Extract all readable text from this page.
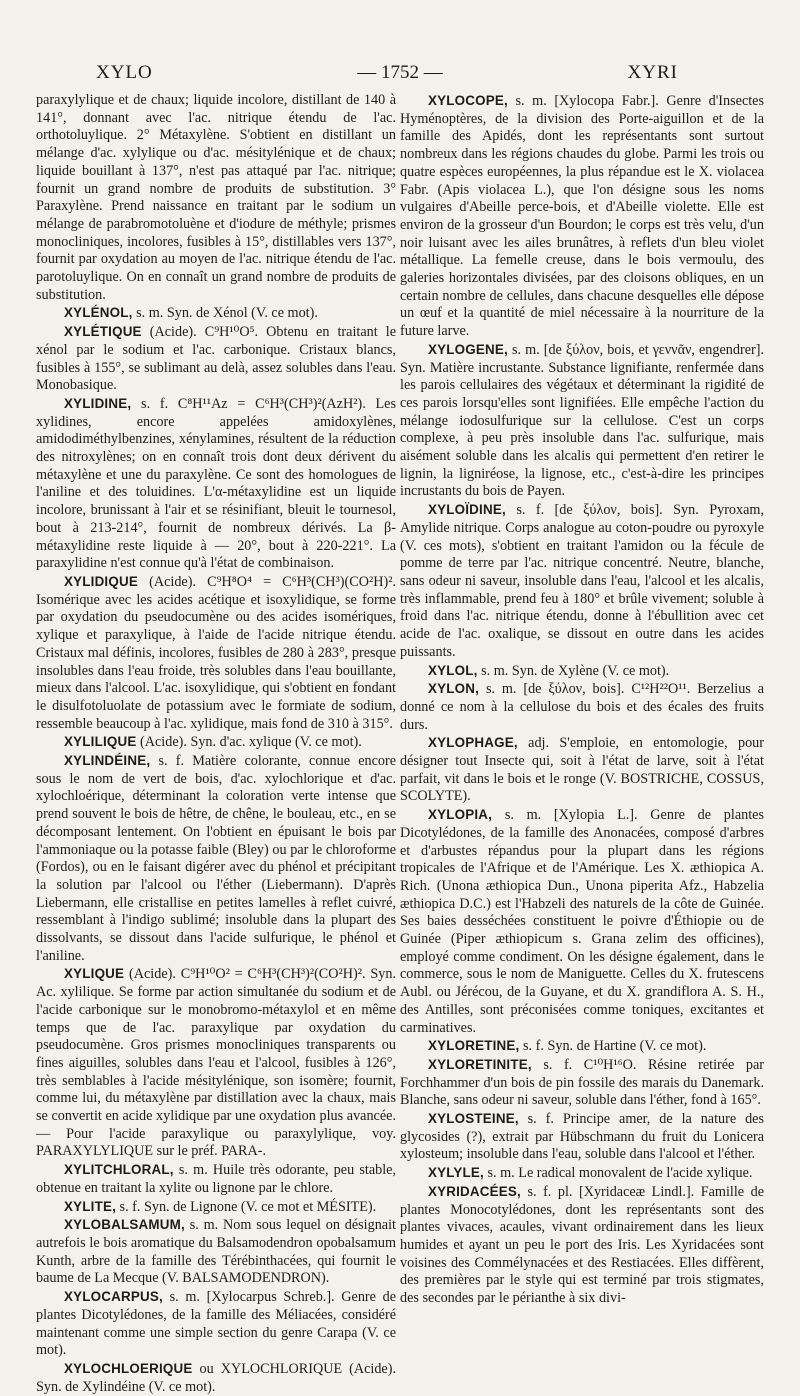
XYLO	— 1752 —	XYRI

paraxylylique et de chaux; liquide incolore, distillant de 140 à 141°, donnant avec l'ac. nitrique étendu de l'ac. orthotoluylique. 2° Métaxylène. S'obtient en distillant un mélange d'ac. xylylique ou d'ac. mésitylénique et de chaux; liquide bouillant à 137°, n'est pas attaqué par l'ac. nitrique; fournit un grand nombre de produits de substitution. 3° Paraxylène. Prend naissance en traitant par le sodium un mélange de parabromotoluène et d'iodure de méthyle; prismes monocliniques, incolores, fusibles à 15°, distillables vers 137°, fournit par oxydation au moyen de l'ac. nitrique étendu de l'ac. parotoluylique. On en connaît un grand nombre de produits de substitution.

XYLÉNOL, s. m. Syn. de Xénol (V. ce mot).

XYLÉTIQUE (Acide). C⁹H¹⁰O⁵. Obtenu en traitant le xénol par le sodium et l'ac. carbonique. Cristaux blancs, fusibles à 155°, se sublimant au delà, assez solubles dans l'eau. Monobasique.

XYLIDINE, s. f. C⁸H¹¹Az = C⁶H³(CH³)²(AzH²). Les xylidines, encore appelées amidoxylènes, amidodiméthylbenzines, xénylamines, résultent de la réduction des nitroxylènes; on en connaît trois dont deux dérivent du métaxylène et une du paraxylène. Ce sont des homologues de l'aniline et des toluidines. L'α-métaxylidine est un liquide incolore, brunissant à l'air et se résinifiant, bleuit le tournesol, bout à 213-214°, fournit de nombreux dérivés. La β-métaxylidine reste liquide à — 20°, bout à 220-221°. La paraxylidine n'est connue qu'à l'état de combinaison.

XYLIDIQUE (Acide). C⁹H⁸O⁴ = C⁶H³(CH³)(CO²H)². Isomérique avec les acides acétique et isoxylidique, se forme par oxydation du pseudocumène ou des acides isomériques, xylique et paraxylique, à l'aide de l'acide nitrique étendu. Cristaux mal définis, incolores, fusibles de 280 à 283°, presque insolubles dans l'eau froide, très solubles dans l'eau bouillante, mieux dans l'alcool. L'ac. isoxylidique, qui s'obtient en fondant le disulfotoluolate de potassium avec le formiate de sodium, ressemble beaucoup à l'ac. xylidique, mais fond de 310 à 315°.

XYLILIQUE (Acide). Syn. d'ac. xylique (V. ce mot).

XYLINDÉINE, s. f. Matière colorante, connue encore sous le nom de vert de bois, d'ac. xylochlorique et d'ac. xylochloérique, déterminant la coloration verte intense que prend souvent le bois de hêtre, de chêne, le bouleau, etc., en se décomposant lentement. On l'obtient en épuisant le bois par l'ammoniaque ou la potasse faible (Bley) ou par le chloroforme (Fordos), ou en le faisant digérer avec du phénol et précipitant la solution par l'alcool ou l'éther (Liebermann). D'après Liebermann, elle cristallise en petites lamelles à reflet cuivré, ressemblant à l'indigo sublimé; insoluble dans la plupart des dissolvants, se dissout dans l'acide sulfurique, le phénol et l'aniline.

XYLIQUE (Acide). C⁹H¹⁰O² = C⁶H³(CH³)²(CO²H)². Syn. Ac. xylilique. Se forme par action simultanée du sodium et de l'acide carbonique sur le monobromo-métaxylol et en même temps que de l'ac. paraxylique par oxydation du pseudocumène. Gros prismes monocliniques transparents ou fines aiguilles, solubles dans l'eau et l'alcool, fusibles à 126°, très semblables à l'acide mésitylénique, son isomère; fournit, comme lui, du métaxylène par distillation avec la chaux, mais se convertit en acide xylidique par une oxydation plus avancée. — Pour l'acide paraxylique ou paraxylylique, voy. PARAXYLYLIQUE sur le préf. PARA-.

XYLITCHLORAL, s. m. Huile très odorante, peu stable, obtenue en traitant la xylite ou lignone par le chlore.

XYLITE, s. f. Syn. de Lignone (V. ce mot et MÉSITE).

XYLOBALSAMUM, s. m. Nom sous lequel on désignait autrefois le bois aromatique du Balsamodendron opobalsamum Kunth, arbre de la famille des Térébinthacées, qui fournit le baume de La Mecque (V. BALSAMODENDRON).

XYLOCARPUS, s. m. [Xylocarpus Schreb.]. Genre de plantes Dicotylédones, de la famille des Méliacées, considéré maintenant comme une simple section du genre Carapa (V. ce mot).

XYLOCHLOERIQUE ou XYLOCHLORIQUE (Acide). Syn. de Xylindéine (V. ce mot).

XYLOCOPE, s. m. [Xylocopa Fabr.]. Genre d'Insectes Hyménoptères, de la division des Porte-aiguillon et de la famille des Apidés, dont les représentants sont surtout nombreux dans les régions chaudes du globe. Parmi les trois ou quatre espèces européennes, la plus répandue est le X. violacea Fabr. (Apis violacea L.), que l'on désigne sous les noms vulgaires d'Abeille perce-bois, et d'Abeille violette. Elle est environ de la grosseur d'un Bourdon; le corps est très velu, d'un noir luisant avec les ailes brunâtres, à reflets d'un bleu violet métallique. La femelle creuse, dans le bois vermoulu, des galeries horizontales divisées, par des cloisons obliques, en un certain nombre de cellules, dans chacune desquelles elle dépose un œuf et la quantité de miel nécessaire à la nourriture de la future larve.

XYLOGENE, s. m. [de ξύλον, bois, et γεννᾶν, engendrer]. Syn. Matière incrustante. Substance lignifiante, renfermée dans les parois cellulaires des végétaux et déterminant la rigidité de ces parois lorsqu'elles sont lignifiées. Elle empêche l'action du mélange iodosulfurique sur la cellulose. C'est un corps complexe, à peu près insoluble dans l'ac. sulfurique, mais aisément soluble dans les alcalis qui permettent d'en retirer le lignin, la ligniréose, la lignose, etc., c'est-à-dire les principes incrustants du bois de Payen.

XYLOÏDINE, s. f. [de ξύλον, bois]. Syn. Pyroxam, Amylide nitrique. Corps analogue au coton-poudre ou pyroxyle (V. ces mots), s'obtient en traitant l'amidon ou la fécule de pomme de terre par l'ac. nitrique concentré. Neutre, blanche, sans odeur ni saveur, insoluble dans l'eau, l'alcool et les alcalis, très inflammable, prend feu à 180° et brûle vivement; soluble à froid dans l'ac. nitrique étendu, donne à l'ébullition avec cet acide de l'ac. oxalique, se dissout en outre dans les acides puissants.

XYLOL, s. m. Syn. de Xylène (V. ce mot).

XYLON, s. m. [de ξύλον, bois]. C¹²H²²O¹¹. Berzelius a donné ce nom à la cellulose du bois et des écales des fruits durs.

XYLOPHAGE, adj. S'emploie, en entomologie, pour désigner tout Insecte qui, soit à l'état de larve, soit à l'état parfait, vit dans le bois et le ronge (V. BOSTRICHE, COSSUS, SCOLYTE).

XYLOPIA, s. m. [Xylopia L.]. Genre de plantes Dicotylédones, de la famille des Anonacées, composé d'arbres et d'arbustes répandus pour la plupart dans les régions tropicales de l'Afrique et de l'Amérique. Les X. æthiopica A. Rich. (Unona æthiopica Dun., Unona piperita Afz., Habzelia æthiopica D.C.) est l'Habzeli des naturels de la côte de Guinée. Ses baies desséchées constituent le poivre d'Éthiopie ou de Guinée (Piper æthiopicum s. Grana zelim des officines), employé comme condiment. On les désigne également, dans le commerce, sous le nom de Maniguette. Celles du X. frutescens Aubl. ou Jérécou, de la Guyane, et du X. grandiflora A. S. H., des Antilles, sont préconisées comme toniques, excitantes et carminatives.

XYLORETINE, s. f. Syn. de Hartine (V. ce mot).

XYLORETINITE, s. f. C¹⁰H¹⁶O. Résine retirée par Forchhammer d'un bois de pin fossile des marais du Danemark. Blanche, sans odeur ni saveur, soluble dans l'éther, fond à 165°.

XYLOSTEINE, s. f. Principe amer, de la nature des glycosides (?), extrait par Hübschmann du fruit du Lonicera xylosteum; insoluble dans l'eau, soluble dans l'alcool et l'éther.

XYLYLE, s. m. Le radical monovalent de l'acide xylique.

XYRIDACÉES, s. f. pl. [Xyridaceæ Lindl.]. Famille de plantes Monocotylédones, dont les représentants sont des plantes vivaces, acaules, vivant ordinairement dans les lieux humides et ayant un peu le port des Iris. Les Xyridacées sont voisines des Commélynacées et des Restiacées. Elles diffèrent, des premières par le style qui est terminé par trois stigmates, des secondes par le périanthe à six divi-
